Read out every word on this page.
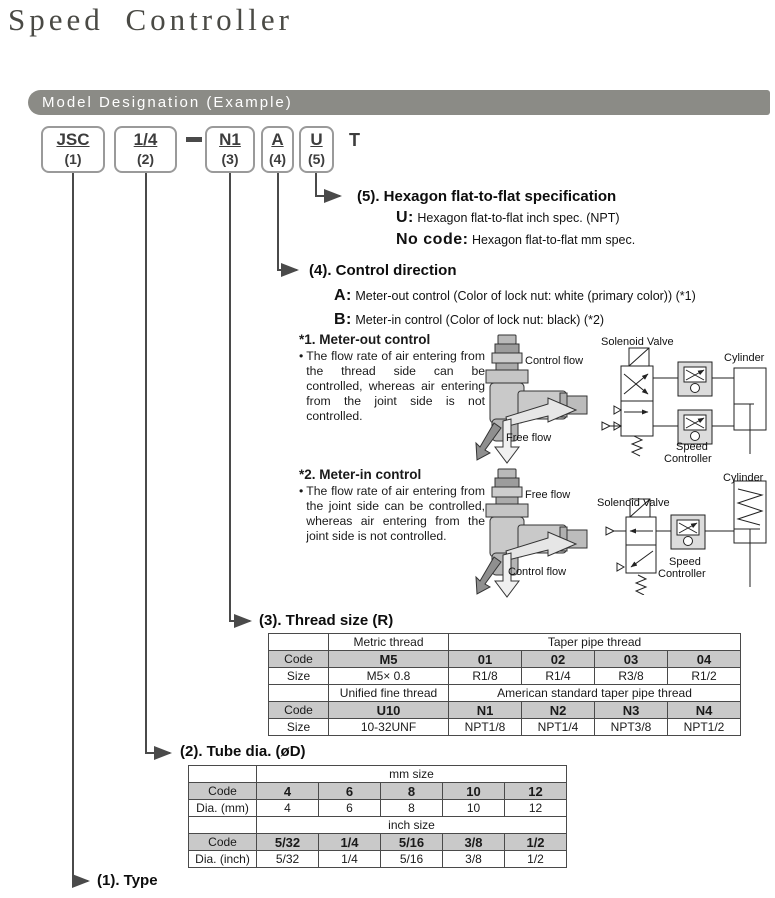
Speed Controller
Model Designation (Example)
JSC
(1)
1/4
(2)
N1
(3)
A
(4)
U
(5)
T
(5). Hexagon flat-to-flat specification
U: Hexagon flat-to-flat inch spec. (NPT)
No code: Hexagon flat-to-flat mm spec.
(4). Control direction
A: Meter-out control (Color of lock nut: white (primary color)) (*1)
B: Meter-in control (Color of lock nut: black) (*2)
*1. Meter-out control
• The flow rate of air entering from the thread side can be controlled, whereas air entering from the joint side is not controlled.

Control flow
Free flow
Solenoid Valve
Cylinder
Speed
Controller
*2. Meter-in control
• The flow rate of air entering from the joint side can be controlled, whereas air entering from the joint side is not controlled.

Free flow
Control flow
Cylinder
Solenoid Valve
Speed
Controller
(3). Thread size (R)
	Metric thread	Taper pipe thread			
Code	M5	01	02	03	04
Size	M5× 0.8	R1/8	R1/4	R3/8	R1/2
	Unified fine thread	American standard taper pipe thread			
Code	U10	N1	N2	N3	N4
Size	10-32UNF	NPT1/8	NPT1/4	NPT3/8	NPT1/2
(2). Tube dia. (øD)
	mm size				
Code	4	6	8	10	12
Dia. (mm)	4	6	8	10	12
	inch size				
Code	5/32	1/4	5/16	3/8	1/2
Dia. (inch)	5/32	1/4	5/16	3/8	1/2
(1). Type
